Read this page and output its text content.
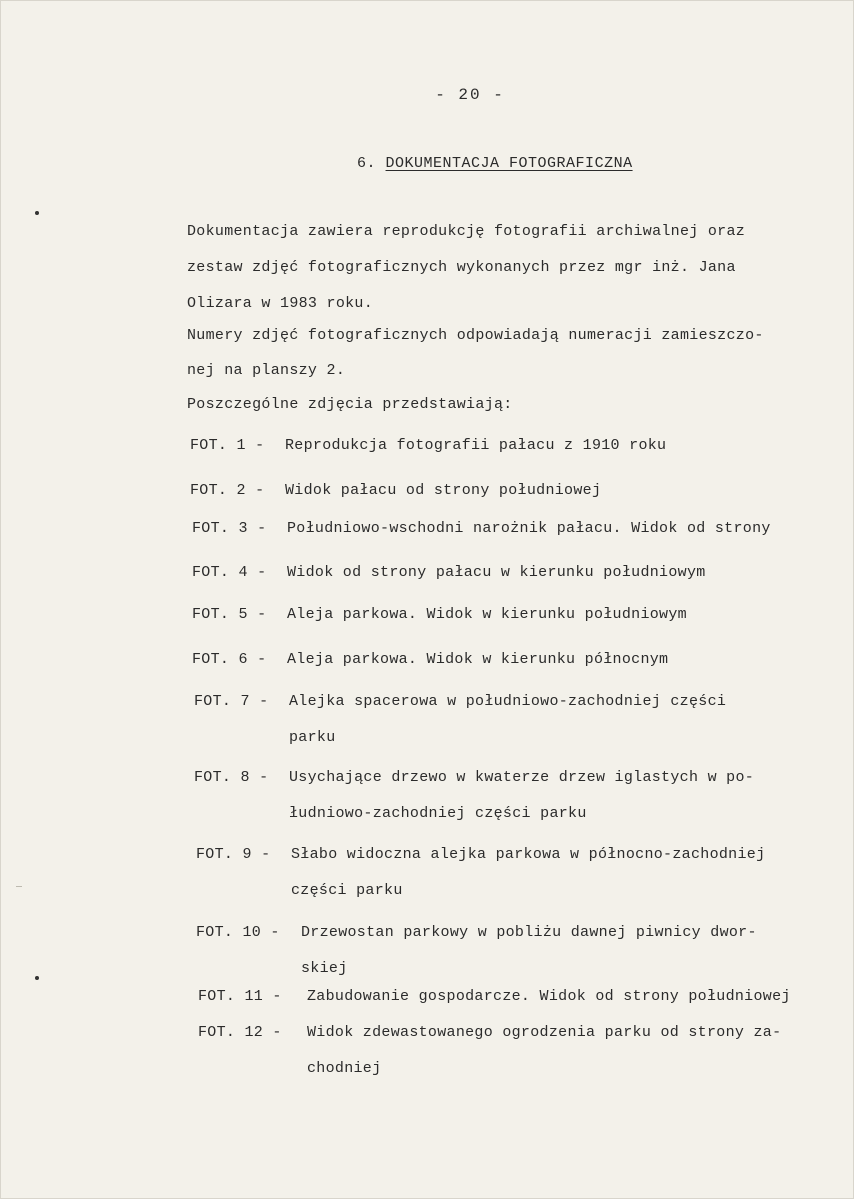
- 20 -
6. DOKUMENTACJA FOTOGRAFICZNA
Dokumentacja zawiera reprodukcję fotografii archiwalnej oraz
zestaw zdjęć fotograficznych wykonanych przez mgr inż. Jana
Olizara w 1983 roku.
Numery zdjęć fotograficznych odpowiadają numeracji zamieszczo-
nej na planszy 2.
Poszczególne zdjęcia przedstawiają:
FOT. 1 - Reprodukcja fotografii pałacu z 1910 roku
FOT. 2 - Widok pałacu od strony południowej
FOT. 3 - Południowo-wschodni narożnik pałacu. Widok od strony
FOT. 4 - Widok od strony pałacu w kierunku południowym
FOT. 5 - Aleja parkowa. Widok w kierunku południowym
FOT. 6 - Aleja parkowa. Widok w kierunku północnym
FOT. 7 - Alejka spacerowa w południowo-zachodniej części
parku
FOT. 8 - Usychające drzewo w kwaterze drzew iglastych w po-
łudniowo-zachodniej części parku
FOT. 9 - Słabo widoczna alejka parkowa w północno-zachodniej
części parku
FOT. 10 - Drzewostan parkowy w pobliżu dawnej piwnicy dwor-
skiej
FOT. 11 - Zabudowanie gospodarcze. Widok od strony południowej
FOT. 12 - Widok zdewastowanego ogrodzenia parku od strony za-
chodniej
